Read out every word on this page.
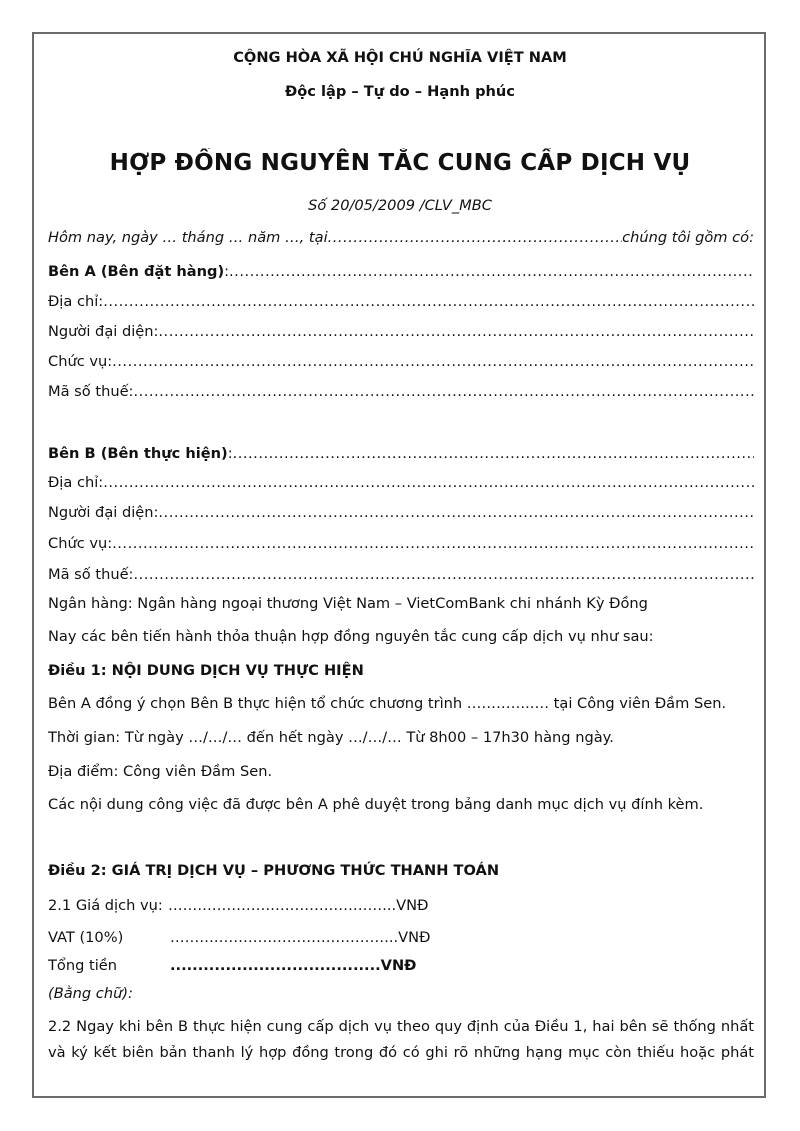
CỘNG HÒA XÃ HỘI CHỦ NGHĨA VIỆT NAM
Độc lập – Tự do – Hạnh phúc
HỢP ĐỒNG NGUYÊN TẮC CUNG CẤP DỊCH VỤ
Số 20/05/2009 /CLV_MBC
Hôm nay, ngày … tháng … năm …, tại
.....	chúng tôi gồm có:
Bên A (Bên đặt hàng) :
.....
Địa chỉ:
.....
Người đại diện:
.....
Chức vụ:
.....
Mã số thuế:
.....
Bên B (Bên thực hiện) :
.....
Địa chỉ:
.....
Người đại diện:
.....
Chức vụ:
.....
Mã số thuế:
.....
Ngân hàng: Ngân hàng ngoại thương Việt Nam – VietComBank chi nhánh Kỳ Đồng
Nay các bên tiến hành thỏa thuận hợp đồng nguyên tắc cung cấp dịch vụ như sau:
Điều 1: NỘI DUNG DỊCH VỤ THỰC HIỆN
Bên A đồng ý chọn Bên B thực hiện tổ chức chương trình …………..… tại Công viên Đầm Sen.
Thời gian: Từ ngày …/…/… đến hết ngày …/…/… Từ 8h00 – 17h30 hàng ngày.
Địa điểm: Công viên Đầm Sen.
Các nội dung công việc đã được bên A phê duyệt trong bảng danh mục dịch vụ đính kèm.
Điều 2: GIÁ TRỊ DỊCH VỤ – PHƯƠNG THỨC THANH TOÁN
2.1 Giá dịch vụ:………………………………………..VNĐ
VAT (10%)	………………………………………..VNĐ
Tổng tiền	......................................VNĐ
(Bằng chữ):
2.2 Ngay khi bên B thực hiện cung cấp dịch vụ theo quy định của Điều 1, hai bên sẽ thống nhất
và ký kết biên bản thanh lý hợp đồng trong đó có ghi rõ những hạng mục còn thiếu hoặc phát
